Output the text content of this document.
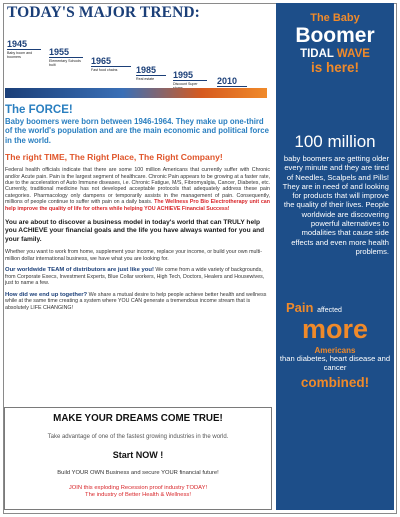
TODAY'S MAJOR TREND:
1945
Baby boom and boomers
1955
Elementary Schools built	1965
Fast food chains	1985
Real estate	1995
Discount Super	2010
The FORCE!
Baby boomers were born between 1946-1964. They make up one-third of the world's population and are the main economic and political force in the world.
The right TIME, The Right Place, The Right Company!
Federal health officials indicate that there are some 100 million Americans that currently suffer with Chronic and/or Acute pain. Pain is the largest segment of healthcare. Chronic Pain appears to be growing at a faster rate, due to the acceleration of Auto Immune diseases, i.e. Chronic Fatigue, M/S, Fibromyalgia, Cancer, Diabetes, etc. Currently, traditional medicine has not developed acceptable protocols that adequately address these pain categories. Pharmacology only dampens or temporarily assists in the management of pain. Consequently, millions of people continue to suffer with pain on a daily basis. The Wellness Pro Bio Electrotherapy unit can help improve the quality of life for others while helping YOU ACHIEVE Financial Success!
You are about to discover a business model in today's world that can TRULY help you ACHIEVE your financial goals and the life you have always wanted for you and your family.
Whether you want to work from home, supplement your income, replace your income, or build your own multi-million dollar international business, we have what you are looking for.
Our worldwide TEAM of distributors are just like you! We come from a wide variety of backgrounds, from Corporate Execs, Investment Experts, Blue Collar workers, High Tech, Doctors, Healers and Housewives, just to name a few.
How did we end up together? We share a mutual desire to help people achieve better health and wellness while at the same time creating a system where YOU CAN generate a tremendous income stream that is absolutely LIFE CHANGING!
The Baby
Boomer
TIDAL WAVE
is here!
100 million
baby boomers are getting older every minute and they are tired of Needles, Scalpels and Pills! They are in need of and looking for products that will improve the quality of their lives. People worldwide are discovering powerful alternatives to modalities that cause side effects and even more health problems.
Pain affected
more
Americans
than diabetes, heart disease and cancer
combined!
MAKE YOUR DREAMS COME TRUE!
Take advantage of one of the fastest growing industries in the world.
Start NOW !
Build YOUR OWN Business and secure YOUR financial future!
JOIN this exploding Recession proof industry TODAY!
The industry of Better Health & Wellness!
